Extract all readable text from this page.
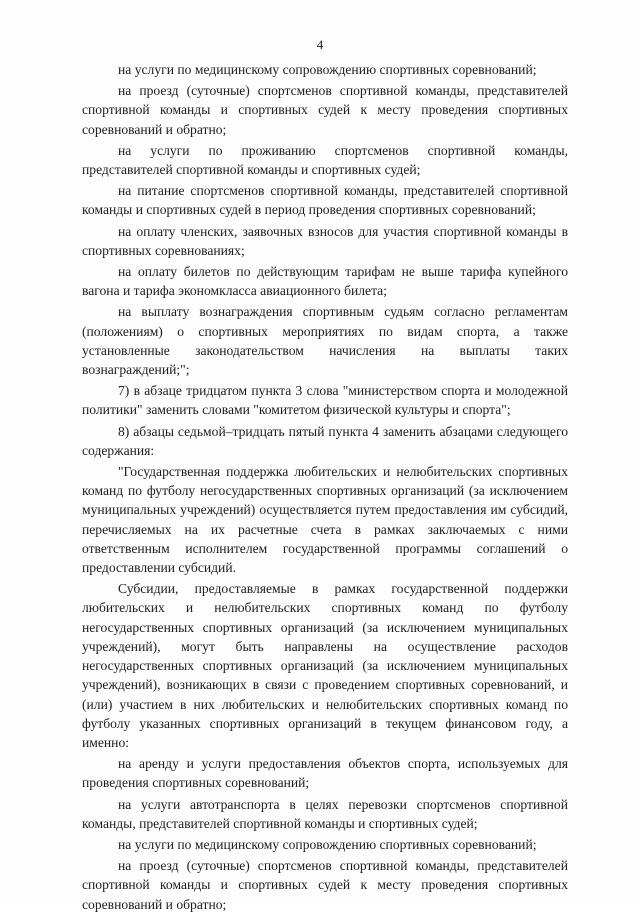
4

на услуги по медицинскому сопровождению спортивных соревнований;

на проезд (суточные) спортсменов спортивной команды, представителей спортивной команды и спортивных судей к месту проведения спортивных соревнований и обратно;

на услуги по проживанию спортсменов спортивной команды, представителей спортивной команды и спортивных судей;

на питание спортсменов спортивной команды, представителей спортивной команды и спортивных судей в период проведения спортивных соревнований;

на оплату членских, заявочных взносов для участия спортивной команды в спортивных соревнованиях;

на оплату билетов по действующим тарифам не выше тарифа купейного вагона и тарифа экономкласса авиационного билета;

на выплату вознаграждения спортивным судьям согласно регламентам (положениям) о спортивных мероприятиях по видам спорта, а также установленные законодательством начисления на выплаты таких вознаграждений;";

7) в абзаце тридцатом пункта 3 слова "министерством спорта и молодежной политики" заменить словами "комитетом физической культуры и спорта";

8) абзацы седьмой–тридцать пятый пункта 4 заменить абзацами следующего содержания:

"Государственная поддержка любительских и нелюбительских спортивных команд по футболу негосударственных спортивных организаций (за исключением муниципальных учреждений) осуществляется путем предоставления им субсидий, перечисляемых на их расчетные счета в рамках заключаемых с ними ответственным исполнителем государственной программы соглашений о предоставлении субсидий.

Субсидии, предоставляемые в рамках государственной поддержки любительских и нелюбительских спортивных команд по футболу негосударственных спортивных организаций (за исключением муниципальных учреждений), могут быть направлены на осуществление расходов негосударственных спортивных организаций (за исключением муниципальных учреждений), возникающих в связи с проведением спортивных соревнований, и (или) участием в них любительских и нелюбительских спортивных команд по футболу указанных спортивных организаций в текущем финансовом году, а именно:

на аренду и услуги предоставления объектов спорта, используемых для проведения спортивных соревнований;

на услуги автотранспорта в целях перевозки спортсменов спортивной команды, представителей спортивной команды и спортивных судей;

на услуги по медицинскому сопровождению спортивных соревнований;

на проезд (суточные) спортсменов спортивной команды, представителей спортивной команды и спортивных судей к месту проведения спортивных соревнований и обратно;
